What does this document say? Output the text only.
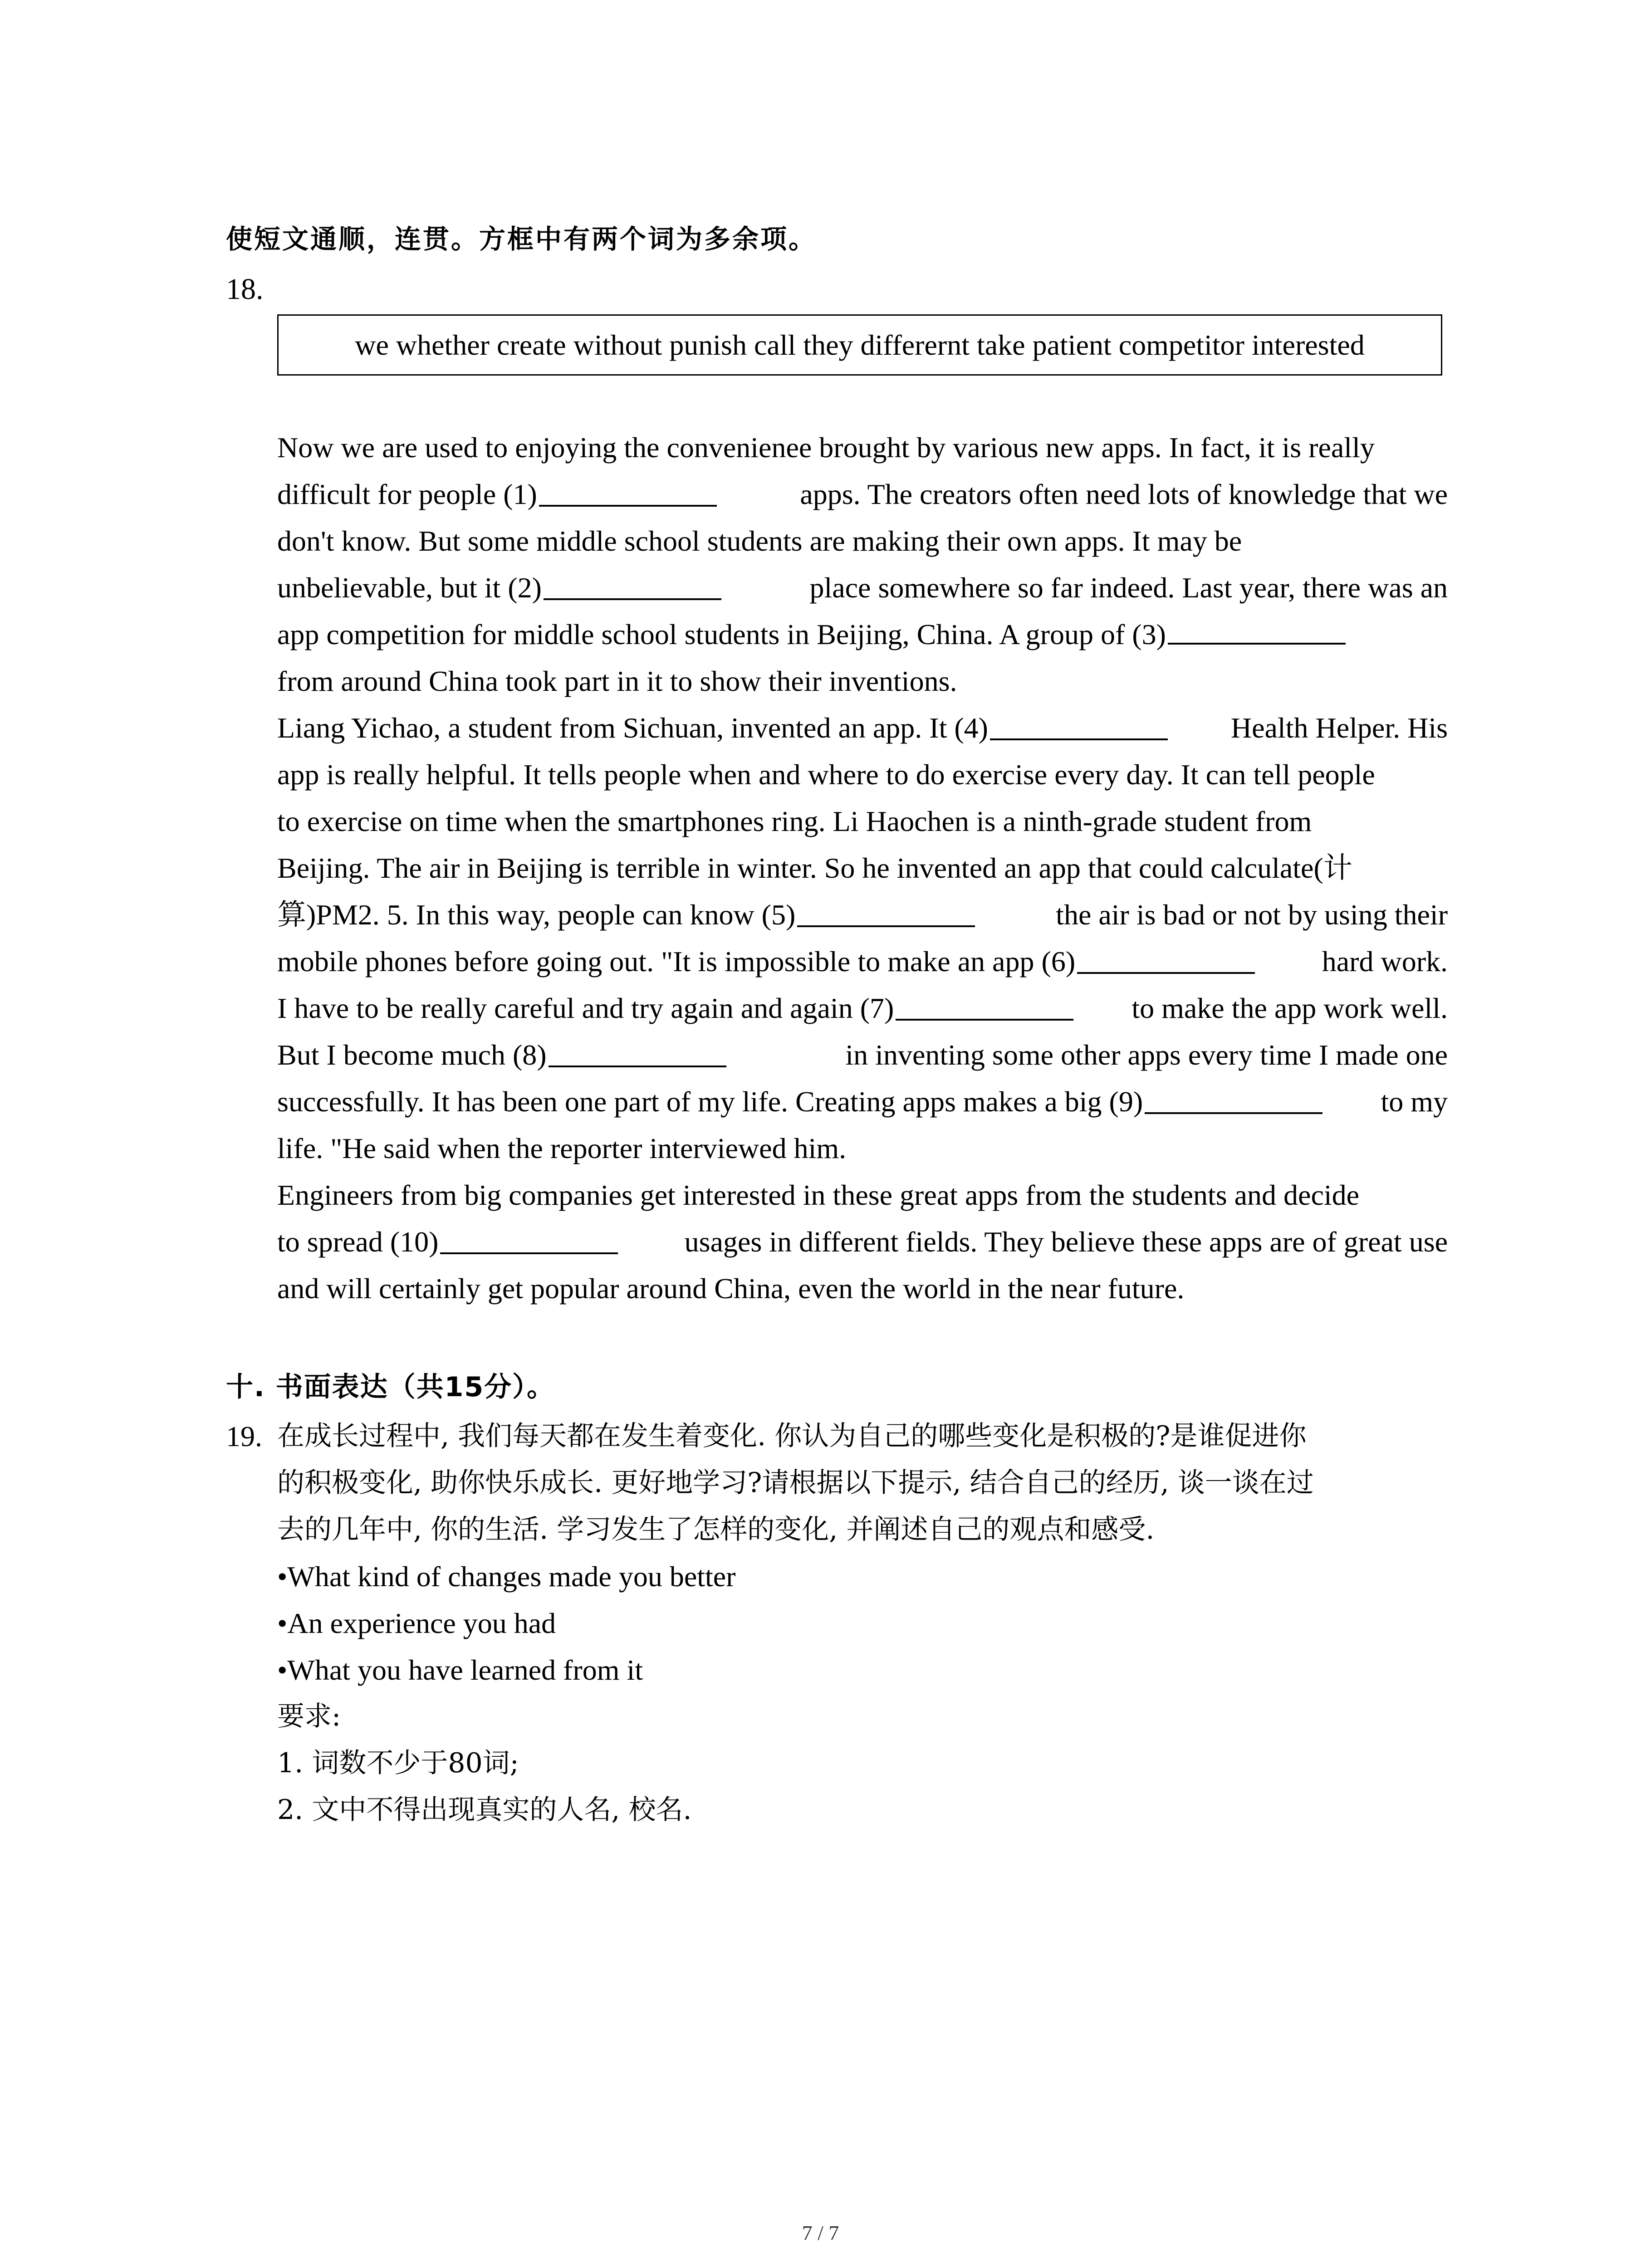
使短文通顺，连贯。方框中有两个词为多余项。
18.
we whether create without punish call they differernt take patient competitor interested
Now we are used to enjoying the convenienee brought by various new apps. In fact, it is really
difficult for people (1)	apps. The creators often need lots of knowledge that we
don't know. But some middle school students are making their own apps. It may be
unbelievable, but it (2)	place somewhere so far indeed. Last year, there was an
app competition for middle school students in Beijing, China. A group of (3)
from around China took part in it to show their inventions.
Liang Yichao, a student from Sichuan, invented an app. It (4)	Health Helper. His
app is really helpful. It tells people when and where to do exercise every day. It can tell people
to exercise on time when the smartphones ring. Li Haochen is a ninth-grade student from
Beijing. The air in Beijing is terrible in winter. So he invented an app that could calculate(计
算)PM2. 5. In this way, people can know (5)	the air is bad or not by using their
mobile phones before going out. "It is impossible to make an app (6)	hard work.
I have to be really careful and try again and again (7)	to make the app work well.
But I become much (8)	in inventing some other apps every time I made one
successfully. It has been one part of my life. Creating apps makes a big (9)	to my
life. "He said when the reporter interviewed him.
Engineers from big companies get interested in these great apps from the students and decide
to spread (10)	usages in different fields. They believe these apps are of great use
and will certainly get popular around China, even the world in the near future.
十. 书面表达（共15分）。
19. 在成长过程中, 我们每天都在发生着变化. 你认为自己的哪些变化是积极的?是谁促进你
的积极变化, 助你快乐成长. 更好地学习?请根据以下提示, 结合自己的经历, 谈一谈在过
去的几年中, 你的生活. 学习发生了怎样的变化, 并阐述自己的观点和感受.
•What kind of changes made you better
•An experience you had
•What you have learned from it
要求:
1. 词数不少于80词;
2. 文中不得出现真实的人名, 校名.
7 / 7
